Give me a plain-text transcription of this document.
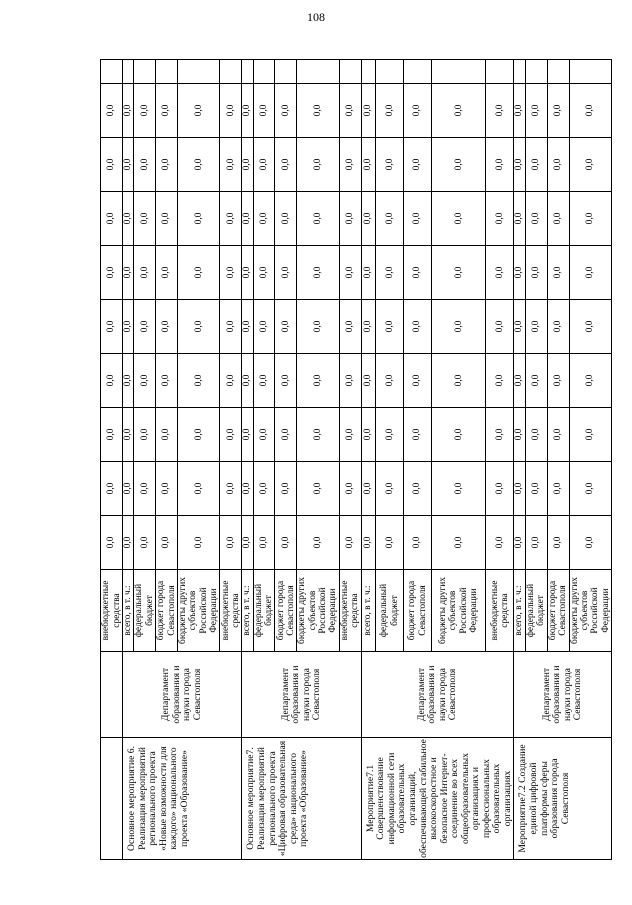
108
		внебюджетные средства	0,0	0,0	0,0	0,0	0,0	0,0	0,0	0,0	0,0	
Основное мероприятие 6. Реализация мероприятий регионального проекта «Новые возможности для каждого» национального проекта «Образование»	Департамент образования и науки города Севастополя	всего, в т. ч.:	0,0	0,0	0,0	0,0	0,0	0,0	0,0	0,0	0,0	
		федеральный бюджет	0,0	0,0	0,0	0,0	0,0	0,0	0,0	0,0	0,0	
		бюджет города Севастополя	0,0	0,0	0,0	0,0	0,0	0,0	0,0	0,0	0,0	
		бюджеты других субъектов Российской Федерации	0,0	0,0	0,0	0,0	0,0	0,0	0,0	0,0	0,0	
		внебюджетные средства	0,0	0,0	0,0	0,0	0,0	0,0	0,0	0,0	0,0	
Основное мероприятие7. Реализация мероприятий регионального проекта «Цифровая образовательная среда» национального проекта «Образование»	Департамент образования и науки города Севастополя	всего, в т. ч.:	0,0	0,0	0,0	0,0	0,0	0,0	0,0	0,0	0,0	
		федеральный бюджет	0,0	0,0	0,0	0,0	0,0	0,0	0,0	0,0	0,0	
		бюджет города Севастополя	0,0	0,0	0,0	0,0	0,0	0,0	0,0	0,0	0,0	
		бюджеты других субъектов Российской Федерации	0,0	0,0	0,0	0,0	0,0	0,0	0,0	0,0	0,0	
		внебюджетные средства	0,0	0,0	0,0	0,0	0,0	0,0	0,0	0,0	0,0	
Мероприятие7.1 Совершенствование информационной сети образовательных организаций, обеспечивающей стабильное высокоскоростное и безопасное Интернет-соединение во всех общеобразовательных организациях и профессиональных образовательных организациях	Департамент образования и науки города Севастополя	всего, в т. ч.:	0,0	0,0	0,0	0,0	0,0	0,0	0,0	0,0	0,0	
		федеральный бюджет	0,0	0,0	0,0	0,0	0,0	0,0	0,0	0,0	0,0	
		бюджет города Севастополя	0,0	0,0	0,0	0,0	0,0	0,0	0,0	0,0	0,0	
		бюджеты других субъектов Российской Федерации	0,0	0,0	0,0	0,0	0,0	0,0	0,0	0,0	0,0	
		внебюджетные средства	0,0	0,0	0,0	0,0	0,0	0,0	0,0	0,0	0,0	
Мероприятие7.2 Создание единой цифровой платформы сферы образования города Севастополя	Департамент образования и науки города Севастополя	всего, в т. ч.:	0,0	0,0	0,0	0,0	0,0	0,0	0,0	0,0	0,0	
		федеральный бюджет	0,0	0,0	0,0	0,0	0,0	0,0	0,0	0,0	0,0	
		бюджет города Севастополя	0,0	0,0	0,0	0,0	0,0	0,0	0,0	0,0	0,0	
		бюджеты других субъектов Российской Федерации	0,0	0,0	0,0	0,0	0,0	0,0	0,0	0,0	0,0	
